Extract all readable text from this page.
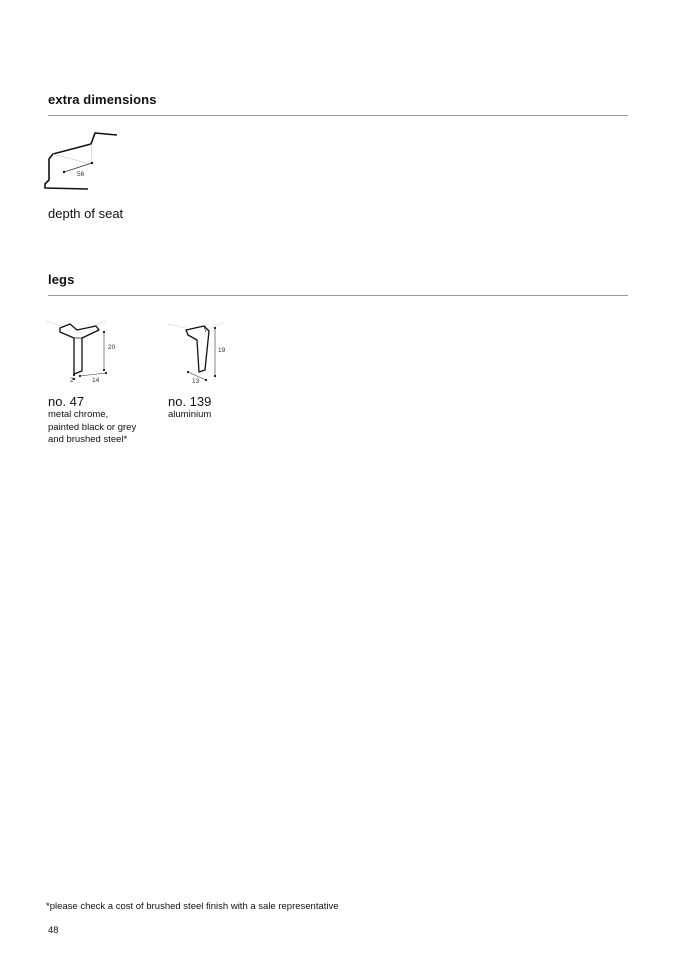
extra dimensions
56
depth of seat
legs
20
14
2
19
13
no. 47
metal chrome,
painted black or grey
and brushed steel*
no. 139
aluminium
*please check a cost of brushed steel finish with a sale representative
48
